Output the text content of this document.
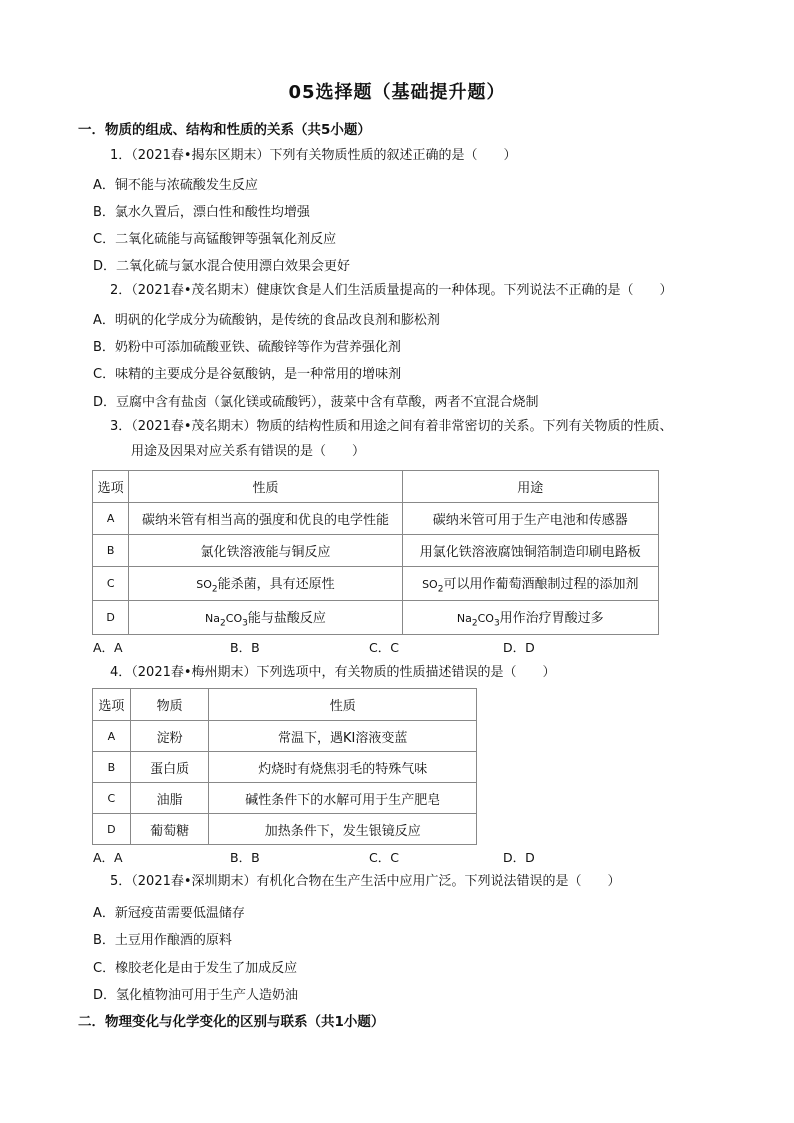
05选择题（基础提升题）
一．物质的组成、结构和性质的关系（共5小题）
1．（2021春•揭东区期末）下列有关物质性质的叙述正确的是（　　）
A．铜不能与浓硫酸发生反应
B．氯水久置后，漂白性和酸性均增强
C．二氧化硫能与高锰酸钾等强氧化剂反应
D．二氧化硫与氯水混合使用漂白效果会更好
2．（2021春•茂名期末）健康饮食是人们生活质量提高的一种体现。下列说法不正确的是（　　）
A．明矾的化学成分为硫酸钠，是传统的食品改良剂和膨松剂
B．奶粉中可添加硫酸亚铁、硫酸锌等作为营养强化剂
C．味精的主要成分是谷氨酸钠，是一种常用的增味剂
D．豆腐中含有盐卤（氯化镁或硫酸钙），菠菜中含有草酸，两者不宜混合烧制
3．（2021春•茂名期末）物质的结构性质和用途之间有着非常密切的关系。下列有关物质的性质、
用途及因果对应关系有错误的是（　　）
选项	性质	用途
A	碳纳米管有相当高的强度和优良的电学性能	碳纳米管可用于生产电池和传感器
B	氯化铁溶液能与铜反应	用氯化铁溶液腐蚀铜箔制造印刷电路板
C	$SO_2$能杀菌，具有还原性	$SO_2$可以用作葡萄酒酿制过程的添加剂
D	$Na_2CO_3$能与盐酸反应	$Na_2CO_3$用作治疗胃酸过多
A．A	B．B	C．C	D．D
4．（2021春•梅州期末）下列选项中，有关物质的性质描述错误的是（　　）
选项	物质	性质
A	淀粉	常温下，遇KI溶液变蓝
B	蛋白质	灼烧时有烧焦羽毛的特殊气味
C	油脂	碱性条件下的水解可用于生产肥皂
D	葡萄糖	加热条件下，发生银镜反应
A．A	B．B	C．C	D．D
5．（2021春•深圳期末）有机化合物在生产生活中应用广泛。下列说法错误的是（　　）
A．新冠疫苗需要低温储存
B．土豆用作酿酒的原料
C．橡胶老化是由于发生了加成反应
D．氢化植物油可用于生产人造奶油
二．物理变化与化学变化的区别与联系（共1小题）
